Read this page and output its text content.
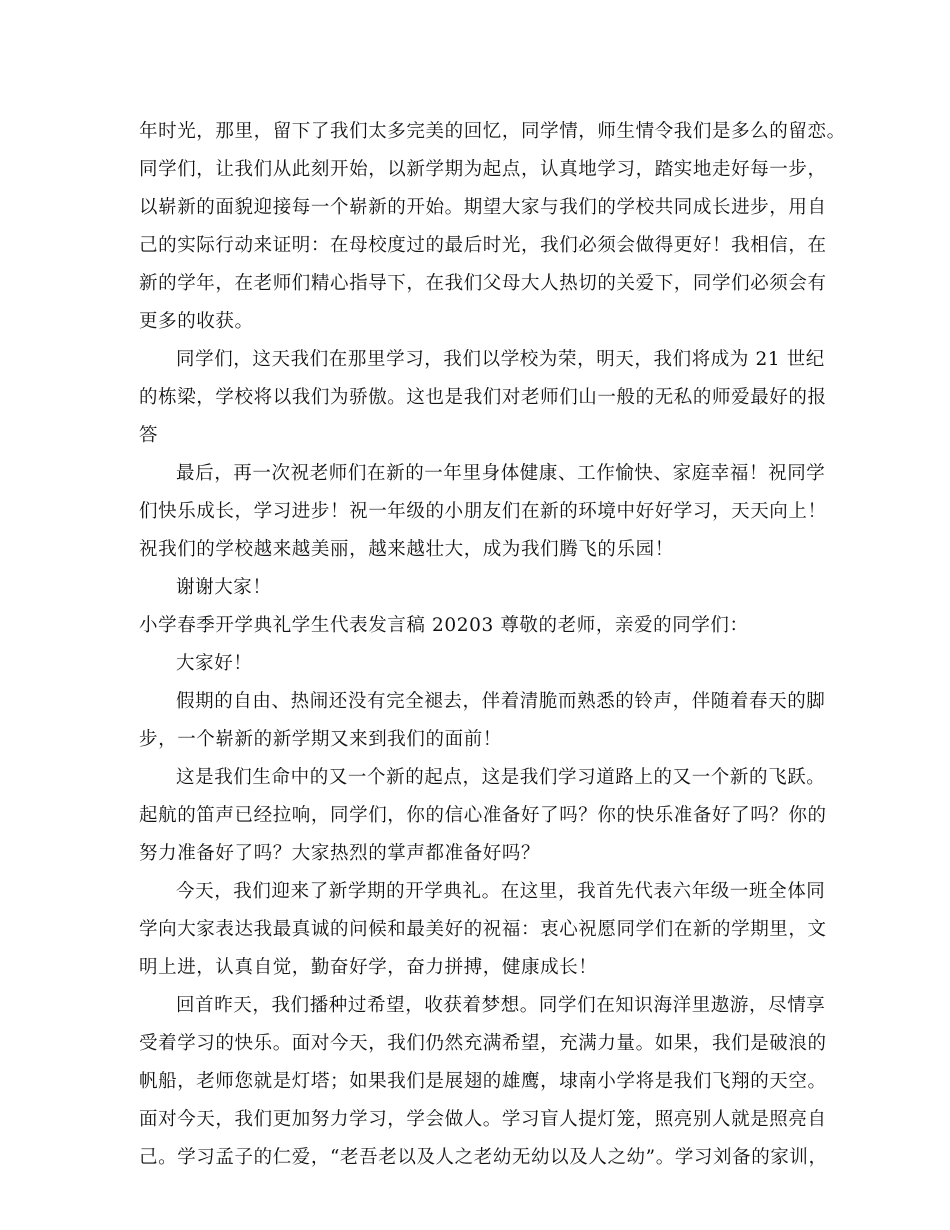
年时光，那里，留下了我们太多完美的回忆，同学情，师生情令我们是多么的留恋。
同学们，让我们从此刻开始，以新学期为起点，认真地学习，踏实地走好每一步，
以崭新的面貌迎接每一个崭新的开始。期望大家与我们的学校共同成长进步，用自
己的实际行动来证明：在母校度过的最后时光，我们必须会做得更好！我相信，在
新的学年，在老师们精心指导下，在我们父母大人热切的关爱下，同学们必须会有
更多的收获。
同学们，这天我们在那里学习，我们以学校为荣，明天，我们将成为 21 世纪
的栋梁，学校将以我们为骄傲。这也是我们对老师们山一般的无私的师爱最好的报
答
最后，再一次祝老师们在新的一年里身体健康、工作愉快、家庭幸福！祝同学
们快乐成长，学习进步！祝一年级的小朋友们在新的环境中好好学习，天天向上！
祝我们的学校越来越美丽，越来越壮大，成为我们腾飞的乐园！
谢谢大家！
小学春季开学典礼学生代表发言稿 20203 尊敬的老师，亲爱的同学们：
大家好！
假期的自由、热闹还没有完全褪去，伴着清脆而熟悉的铃声，伴随着春天的脚
步，一个崭新的新学期又来到我们的面前！
这是我们生命中的又一个新的起点，这是我们学习道路上的又一个新的飞跃。
起航的笛声已经拉响，同学们，你的信心准备好了吗？你的快乐准备好了吗？你的
努力准备好了吗？大家热烈的掌声都准备好吗？
今天，我们迎来了新学期的开学典礼。在这里，我首先代表六年级一班全体同
学向大家表达我最真诚的问候和最美好的祝福：衷心祝愿同学们在新的学期里，文
明上进，认真自觉，勤奋好学，奋力拼搏，健康成长！
回首昨天，我们播种过希望，收获着梦想。同学们在知识海洋里遨游，尽情享
受着学习的快乐。面对今天，我们仍然充满希望，充满力量。如果，我们是破浪的
帆船，老师您就是灯塔；如果我们是展翅的雄鹰，埭南小学将是我们飞翔的天空。
面对今天，我们更加努力学习，学会做人。学习盲人提灯笼，照亮别人就是照亮自
己。学习孟子的仁爱，“老吾老以及人之老幼无幼以及人之幼”。学习刘备的家训，
